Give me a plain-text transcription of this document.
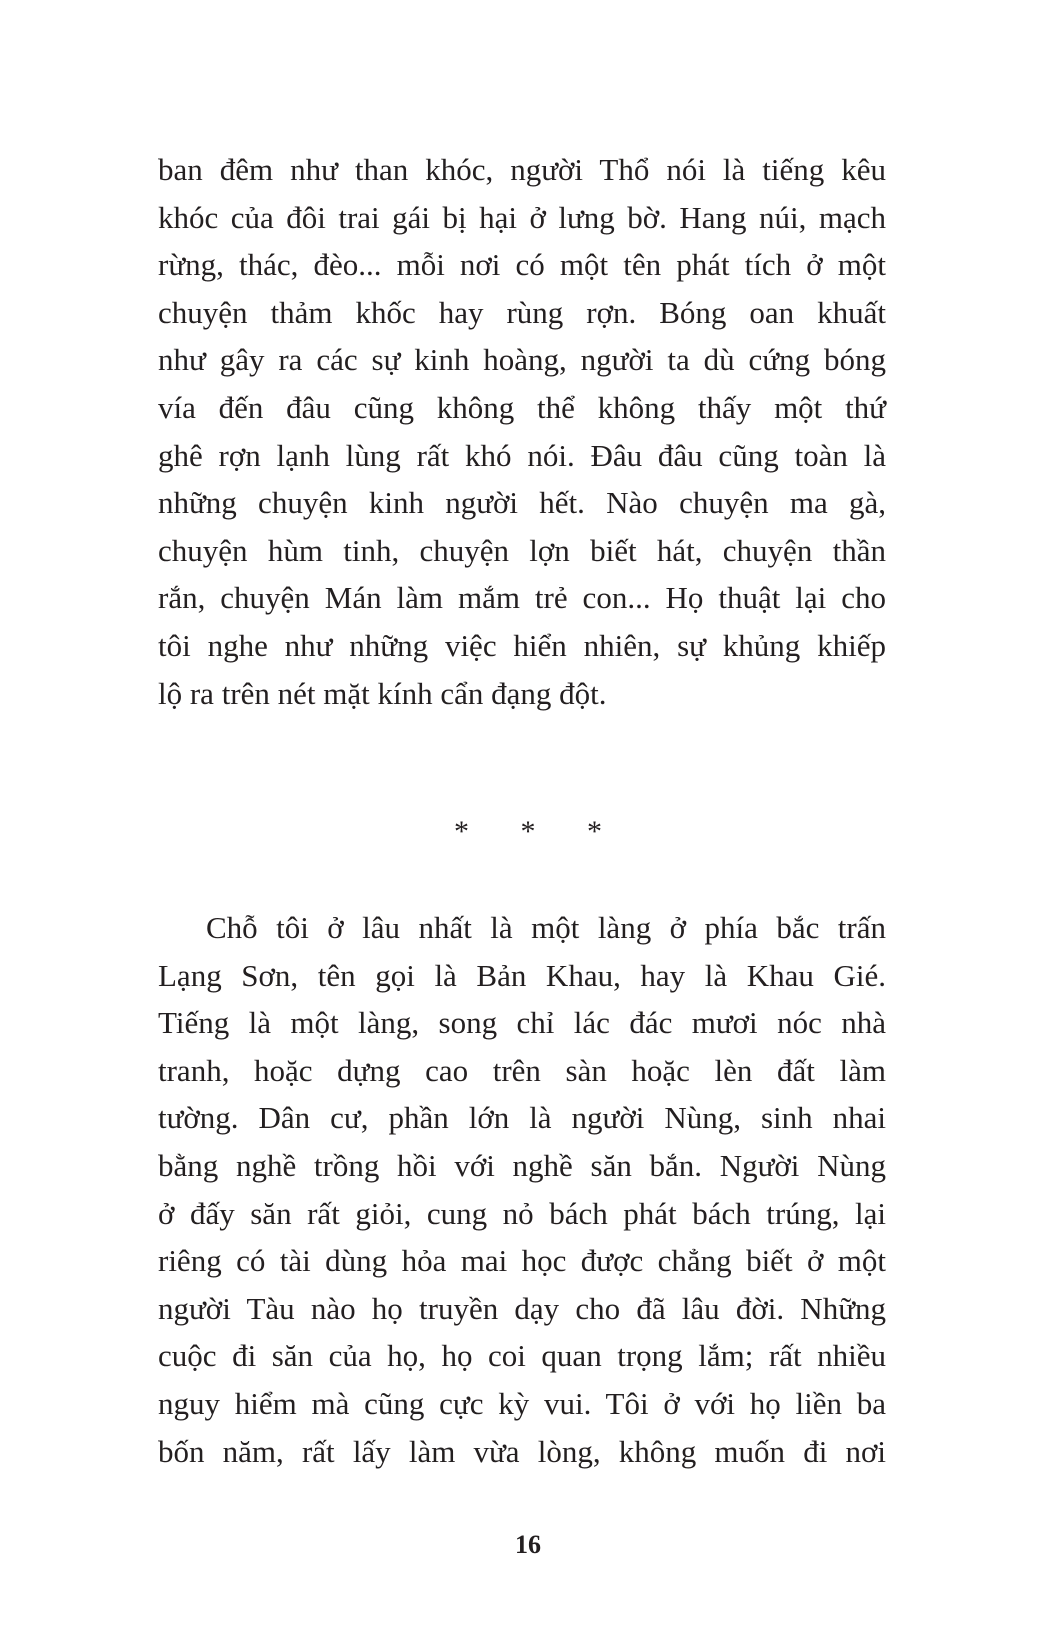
ban đêm như than khóc, người Thổ nói là tiếng kêu
khóc của đôi trai gái bị hại ở lưng bờ. Hang núi, mạch
rừng, thác, đèo... mỗi nơi có một tên phát tích ở một
chuyện thảm khốc hay rùng rợn. Bóng oan khuất
như gây ra các sự kinh hoàng, người ta dù cứng bóng
vía đến đâu cũng không thể không thấy một thứ
ghê rợn lạnh lùng rất khó nói. Đâu đâu cũng toàn là
những chuyện kinh người hết. Nào chuyện ma gà,
chuyện hùm tinh, chuyện lợn biết hát, chuyện thần
rắn, chuyện Mán làm mắm trẻ con... Họ thuật lại cho
tôi nghe như những việc hiển nhiên, sự khủng khiếp
lộ ra trên nét mặt kính cẩn đạng đột.
* * *
Chỗ tôi ở lâu nhất là một làng ở phía bắc trấn
Lạng Sơn, tên gọi là Bản Khau, hay là Khau Gié.
Tiếng là một làng, song chỉ lác đác mươi nóc nhà
tranh, hoặc dựng cao trên sàn hoặc lèn đất làm
tường. Dân cư, phần lớn là người Nùng, sinh nhai
bằng nghề trồng hồi với nghề săn bắn. Người Nùng
ở đấy săn rất giỏi, cung nỏ bách phát bách trúng, lại
riêng có tài dùng hỏa mai học được chẳng biết ở một
người Tàu nào họ truyền dạy cho đã lâu đời. Những
cuộc đi săn của họ, họ coi quan trọng lắm; rất nhiều
nguy hiểm mà cũng cực kỳ vui. Tôi ở với họ liền ba
bốn năm, rất lấy làm vừa lòng, không muốn đi nơi
16
